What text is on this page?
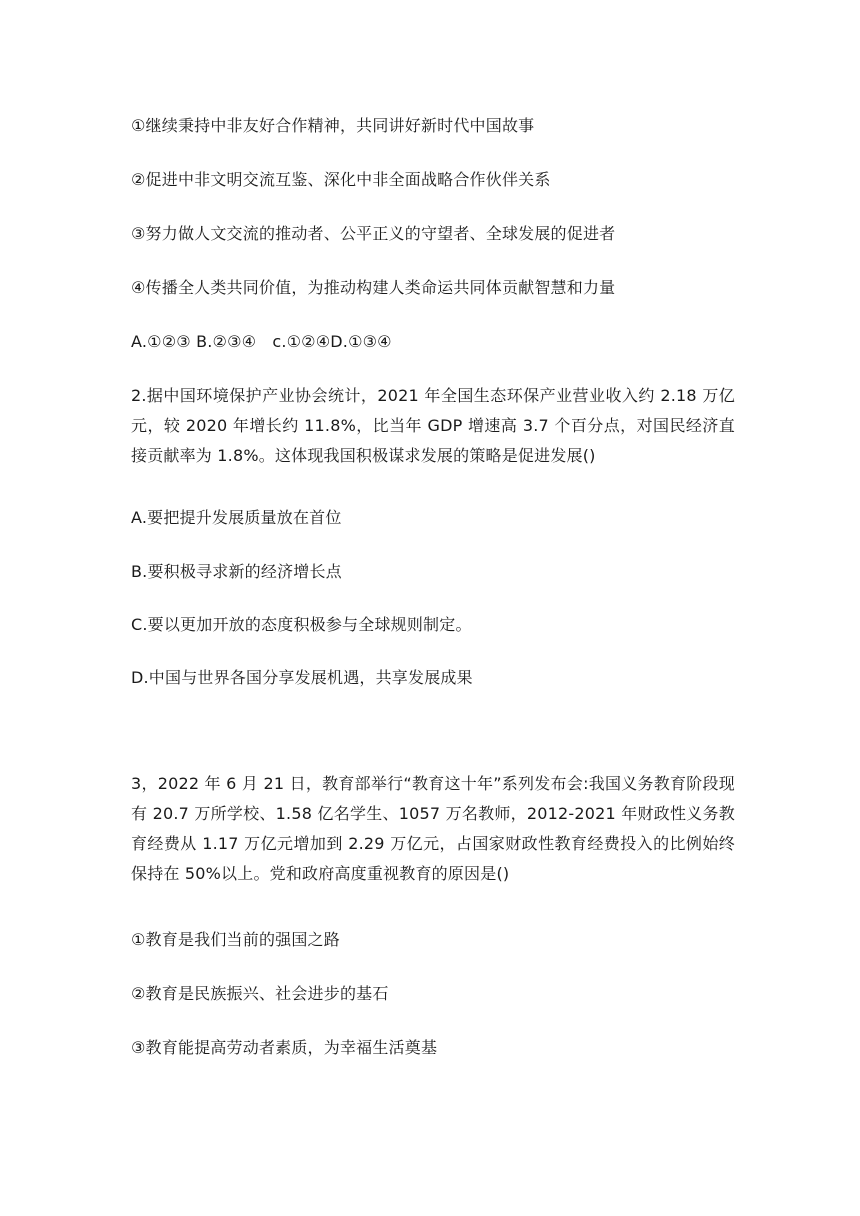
①继续秉持中非友好合作精神，共同讲好新时代中国故事
②促进中非文明交流互鉴、深化中非全面战略合作伙伴关系
③努力做人文交流的推动者、公平正义的守望者、全球发展的促进者
④传播全人类共同价值，为推动构建人类命运共同体贡献智慧和力量
A.①②③ B.②③④　c.①②④D.①③④
2.据中国环境保护产业协会统计，2021 年全国生态环保产业营业收入约 2.18 万亿元，较 2020 年增长约 11.8%，比当年 GDP 增速高 3.7 个百分点，对国民经济直接贡献率为 1.8%。这体现我国积极谋求发展的策略是促进发展()
A.要把提升发展质量放在首位
B.要积极寻求新的经济增长点
C.要以更加开放的态度积极参与全球规则制定。
D.中国与世界各国分享发展机遇，共享发展成果
3，2022 年 6 月 21 日，教育部举行“教育这十年”系列发布会:我国义务教育阶段现有 20.7 万所学校、1.58 亿名学生、1057 万名教师，2012-2021 年财政性义务教育经费从 1.17 万亿元增加到 2.29 万亿元，占国家财政性教育经费投入的比例始终保持在 50%以上。党和政府高度重视教育的原因是()
①教育是我们当前的强国之路
②教育是民族振兴、社会进步的基石
③教育能提高劳动者素质，为幸福生活奠基
